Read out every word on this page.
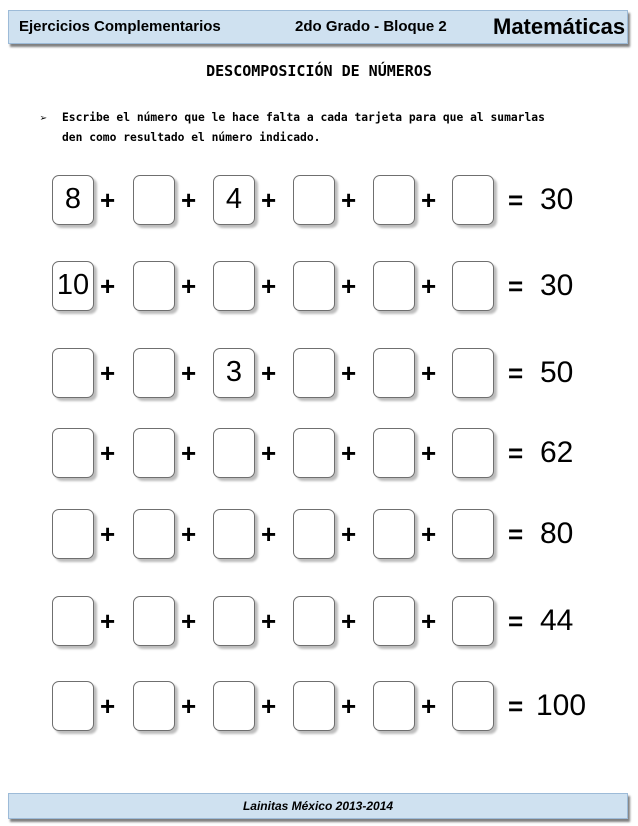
Ejercicios Complementarios	2do Grado - Bloque 2 Matemáticas
DESCOMPOSICIÓN DE NÚMEROS
➢ Escribe el número que le hace falta a cada tarjeta para que al sumarlas
den como resultado el número indicado.
8 +	+	4 + + +	= 30
10 +	+ + + +	= 30
+	+	3 + + +	= 50
+	+ + + +	= 62
+	+ + + +	= 80
+	+ + + +	= 44
+	+ + + +	= 100
Lainitas México 2013-2014
